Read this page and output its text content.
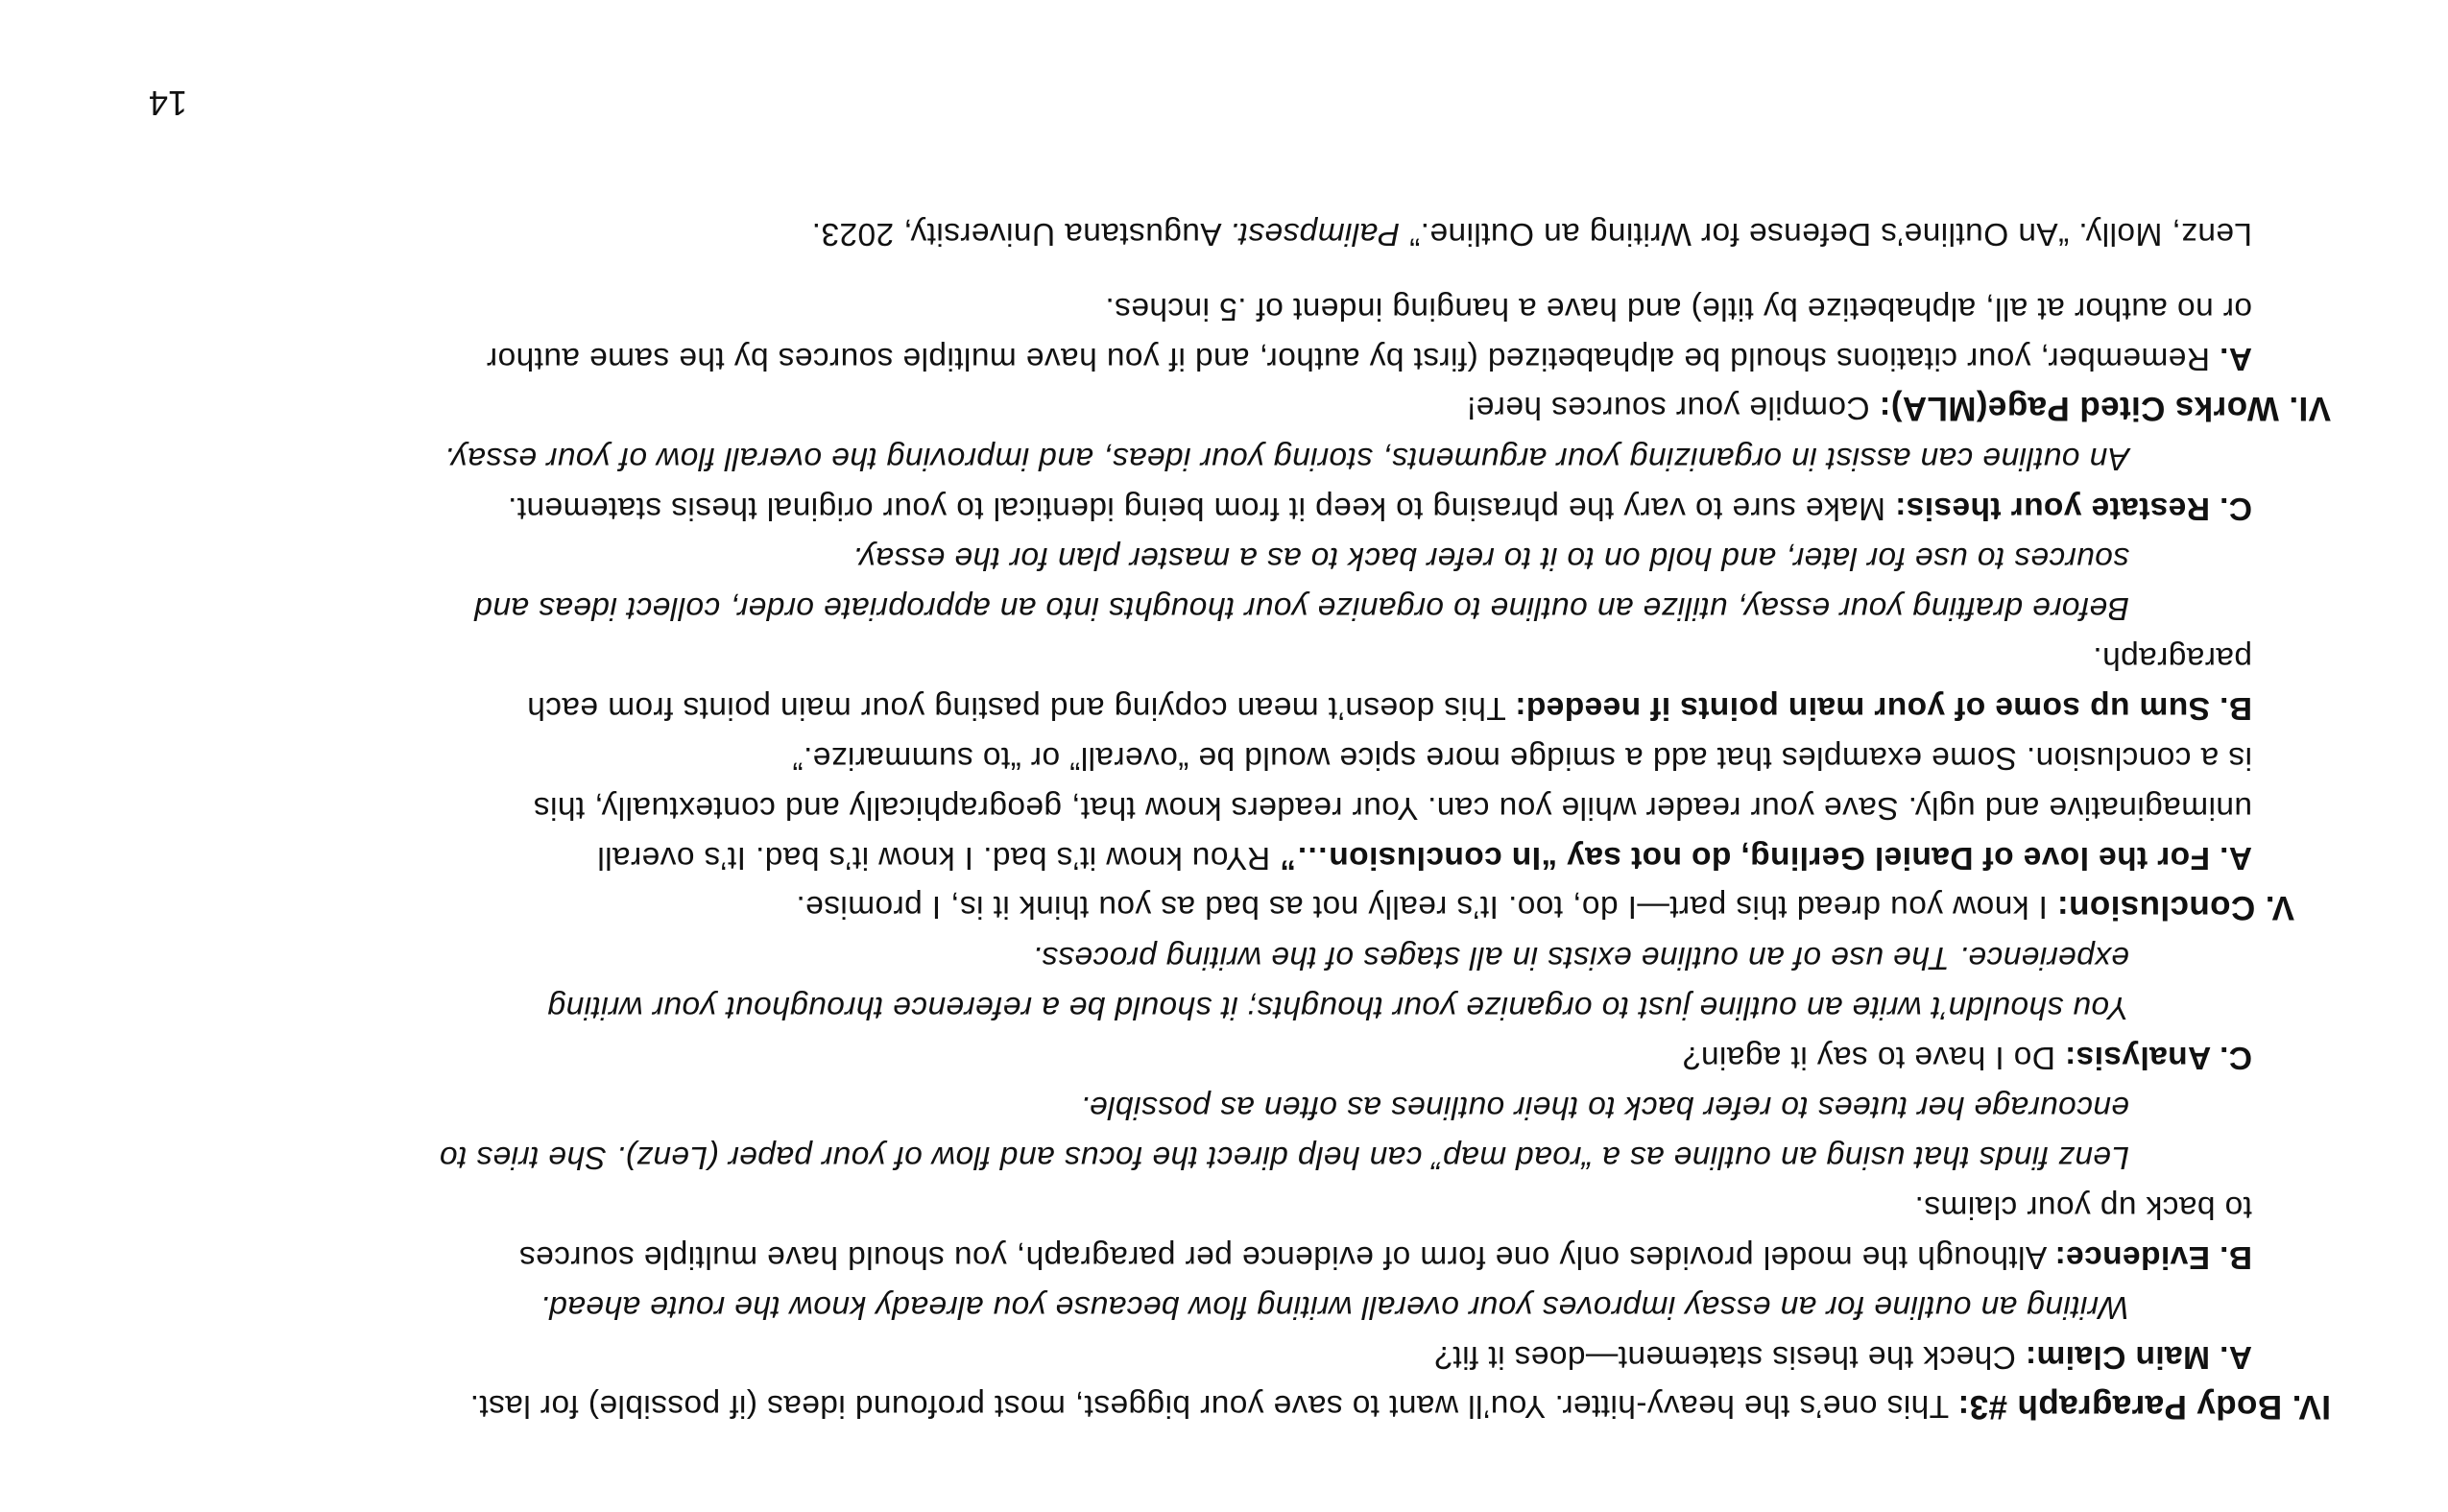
IV. Body Paragraph #3: This one’s the heavy-hitter. You’ll want to save your biggest, most profound ideas (if possible) for last.
A. Main Claim: Check the thesis statement—does it fit?
Writing an outline for an essay improves your overall writing flow because you already know the route ahead.
B. Evidence: Although the model provides only one form of evidence per paragraph, you should have multiple sources
to back up your claims.
Lenz finds that using an outline as a “road map” can help direct the focus and flow of your paper (Lenz). She tries to
encourage her tutees to refer back to their outlines as often as possible.
C. Analysis: Do I have to say it again?
You shouldn’t write an outline just to organize your thoughts; it should be a reference throughout your writing
experience. The use of an outline exists in all stages of the writing process.
V. Conclusion: I know you dread this part—I do, too. It’s really not as bad as you think it is, I promise.
A. For the love of Daniel Gerling, do not say “In conclusion…” RYou know it’s bad. I know it’s bad. It’s overall
unimaginative and ugly. Save your reader while you can. Your readers know that, geographically and contextually, this
is a conclusion. Some examples that add a smidge more spice would be “overall” or “to summarize.”
B. Sum up some of your main points if needed: This doesn’t mean copying and pasting your main points from each
paragraph.
Before drafting your essay, utilize an outline to organize your thoughts into an appropriate order, collect ideas and
sources to use for later, and hold on to it to refer back to as a master plan for the essay.
C. Restate your thesis: Make sure to vary the phrasing to keep it from being identical to your original thesis statement.
An outline can assist in organizing your arguments, storing your ideas, and improving the overall flow of your essay.
VI. Works Cited Page(MLA): Compile your sources here!
A. Remember, your citations should be alphabetized (first by author, and if you have multiple sources by the same author
or no author at all, alphabetize by title) and have a hanging indent of .5 inches.
Lenz, Molly. “An Outline’s Defense for Writing an Outline.” Palimpsest. Augustana University, 2023.
14
